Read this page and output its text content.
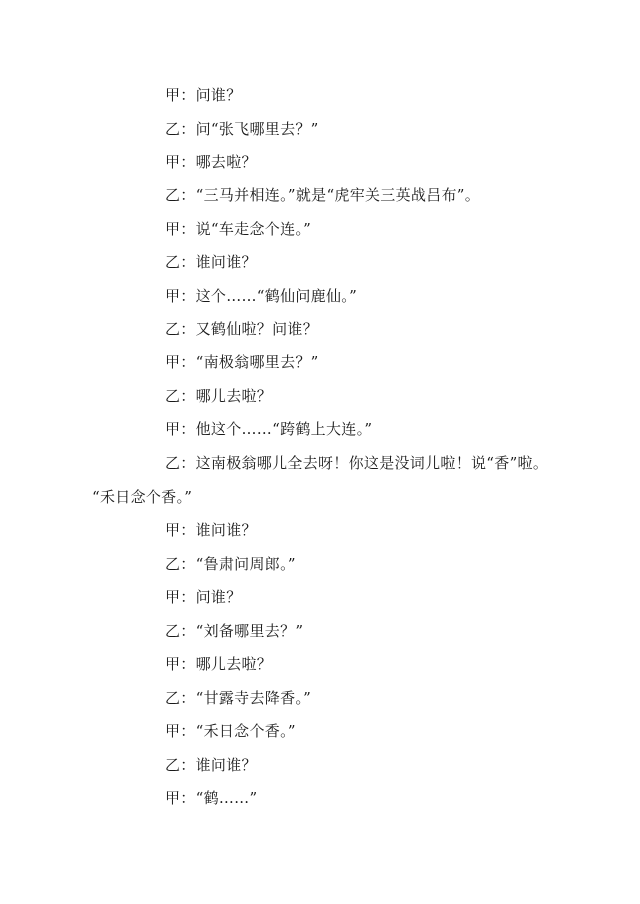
甲：问谁？
乙：问“张飞哪里去？”
甲：哪去啦？
乙：“三马并相连。”就是“虎牢关三英战吕布”。
甲：说“车走念个连。”
乙：谁问谁？
甲：这个……“鹤仙问鹿仙。”
乙：又鹤仙啦？问谁？
甲：“南极翁哪里去？”
乙：哪儿去啦？
甲：他这个……“跨鹤上大连。”
乙：这南极翁哪儿全去呀！你这是没词儿啦！说“香”啦。
“禾日念个香。”
甲：谁问谁？
乙：“鲁肃问周郎。”
甲：问谁？
乙：“刘备哪里去？”
甲：哪儿去啦？
乙：“甘露寺去降香。”
甲：“禾日念个香。”
乙：谁问谁？
甲：“鹤……”
